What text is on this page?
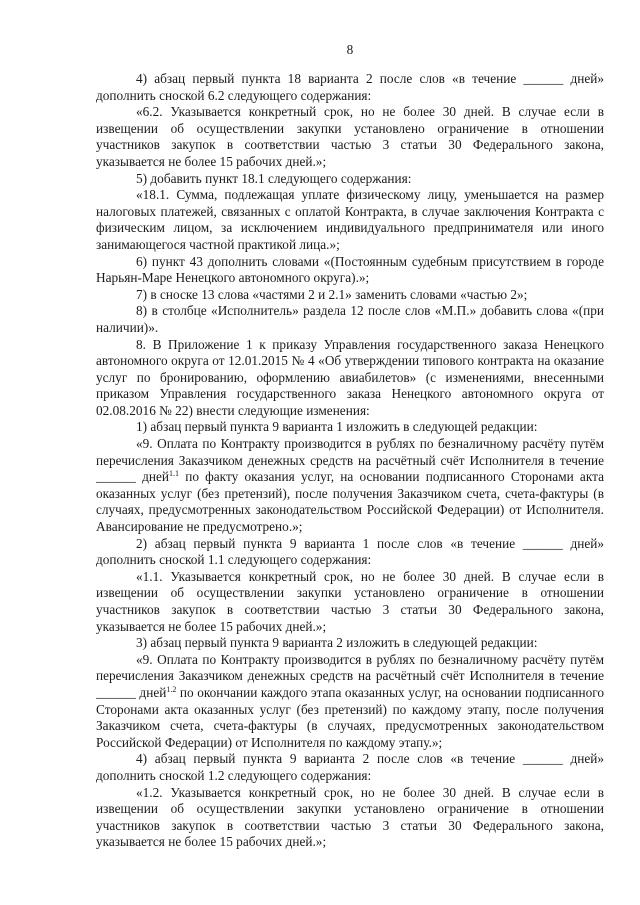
8

4) абзац первый пункта 18 варианта 2 после слов «в течение ______ дней» дополнить сноской 6.2 следующего содержания:

«6.2. Указывается конкретный срок, но не более 30 дней. В случае если в извещении об осуществлении закупки установлено ограничение в отношении участников закупок в соответствии частью 3 статьи 30 Федерального закона, указывается не более 15 рабочих дней.»;

5) добавить пункт 18.1 следующего содержания:

«18.1. Сумма, подлежащая уплате физическому лицу, уменьшается на размер налоговых платежей, связанных с оплатой Контракта, в случае заключения Контракта с физическим лицом, за исключением индивидуального предпринимателя или иного занимающегося частной практикой лица.»;

6) пункт 43 дополнить словами «(Постоянным судебным присутствием в городе Нарьян-Маре Ненецкого автономного округа).»;

7) в сноске 13 слова «частями 2 и 2.1» заменить словами «частью 2»;

8) в столбце «Исполнитель» раздела 12 после слов «М.П.» добавить слова «(при наличии)».

8. В Приложение 1 к приказу Управления государственного заказа Ненецкого автономного округа от 12.01.2015 № 4 «Об утверждении типового контракта на оказание услуг по бронированию, оформлению авиабилетов» (с изменениями, внесенными приказом Управления государственного заказа Ненецкого автономного округа от 02.08.2016 № 22) внести следующие изменения:

1) абзац первый пункта 9 варианта 1 изложить в следующей редакции:

«9. Оплата по Контракту производится в рублях по безналичному расчёту путём перечисления Заказчиком денежных средств на расчётный счёт Исполнителя в течение ______ дней$^{1.1}$ по факту оказания услуг, на основании подписанного Сторонами акта оказанных услуг (без претензий), после получения Заказчиком счета, счета-фактуры (в случаях, предусмотренных законодательством Российской Федерации) от Исполнителя. Авансирование не предусмотрено.»;

2) абзац первый пункта 9 варианта 1 после слов «в течение ______ дней» дополнить сноской 1.1 следующего содержания:

«1.1. Указывается конкретный срок, но не более 30 дней. В случае если в извещении об осуществлении закупки установлено ограничение в отношении участников закупок в соответствии частью 3 статьи 30 Федерального закона, указывается не более 15 рабочих дней.»;

3) абзац первый пункта 9 варианта 2 изложить в следующей редакции:

«9. Оплата по Контракту производится в рублях по безналичному расчёту путём перечисления Заказчиком денежных средств на расчётный счёт Исполнителя в течение ______ дней$^{1.2}$ по окончании каждого этапа оказанных услуг, на основании подписанного Сторонами акта оказанных услуг (без претензий) по каждому этапу, после получения Заказчиком счета, счета-фактуры (в случаях, предусмотренных законодательством Российской Федерации) от Исполнителя по каждому этапу.»;

4) абзац первый пункта 9 варианта 2 после слов «в течение ______ дней» дополнить сноской 1.2 следующего содержания:

«1.2. Указывается конкретный срок, но не более 30 дней. В случае если в извещении об осуществлении закупки установлено ограничение в отношении участников закупок в соответствии частью 3 статьи 30 Федерального закона, указывается не более 15 рабочих дней.»;
